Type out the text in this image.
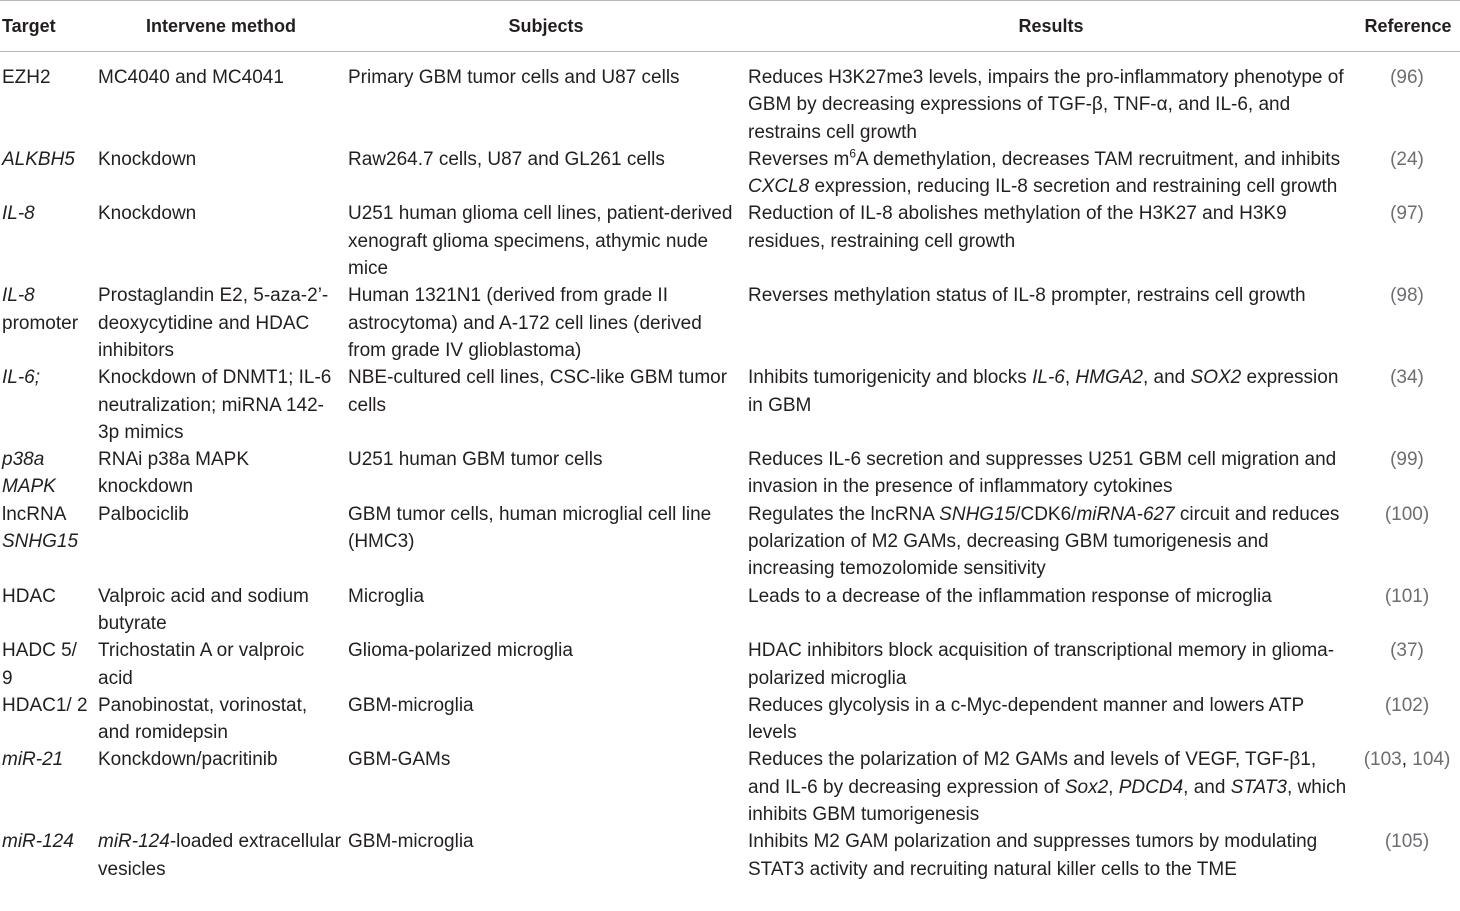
Target	Intervene method	Subjects	Results	Reference
EZH2	MC4040 and MC4041	Primary GBM tumor cells and U87 cells	Reduces H3K27me3 levels, impairs the pro-inflammatory phenotype of GBM by decreasing expressions of TGF-β, TNF-α, and IL-6, and restrains cell growth	(96)
ALKBH5	Knockdown	Raw264.7 cells, U87 and GL261 cells	Reverses $m^6A$ demethylation, decreases TAM recruitment, and inhibits CXCL8 expression, reducing IL-8 secretion and restraining cell growth	(24)
IL-8	Knockdown	U251 human glioma cell lines, patient-derived xenograft glioma specimens, athymic nude mice	Reduction of IL-8 abolishes methylation of the H3K27 and H3K9 residues, restraining cell growth	(97)
IL-8 promoter	Prostaglandin E2, 5-aza-2’-deoxycytidine and HDAC inhibitors	Human 1321N1 (derived from grade II astrocytoma) and A-172 cell lines (derived from grade IV glioblastoma)	Reverses methylation status of IL-8 prompter, restrains cell growth	(98)
IL-6;	Knockdown of DNMT1; IL-6 neutralization; miRNA 142-3p mimics	NBE-cultured cell lines, CSC-like GBM tumor cells	Inhibits tumorigenicity and blocks IL-6, HMGA2, and SOX2 expression in GBM	(34)
p38a MAPK	RNAi p38a MAPK knockdown	U251 human GBM tumor cells	Reduces IL-6 secretion and suppresses U251 GBM cell migration and invasion in the presence of inflammatory cytokines	(99)
lncRNA SNHG15	Palbociclib	GBM tumor cells, human microglial cell line (HMC3)	Regulates the lncRNA SNHG15/CDK6/miRNA-627 circuit and reduces polarization of M2 GAMs, decreasing GBM tumorigenesis and increasing temozolomide sensitivity	(100)
HDAC	Valproic acid and sodium butyrate	Microglia	Leads to a decrease of the inflammation response of microglia	(101)
HADC 5/ 9	Trichostatin A or valproic acid	Glioma-polarized microglia	HDAC inhibitors block acquisition of transcriptional memory in glioma-polarized microglia	(37)
HDAC1/ 2	Panobinostat, vorinostat, and romidepsin	GBM-microglia	Reduces glycolysis in a c-Myc-dependent manner and lowers ATP levels	(102)
miR-21	Konckdown/pacritinib	GBM-GAMs	Reduces the polarization of M2 GAMs and levels of VEGF, TGF-β1, and IL-6 by decreasing expression of Sox2, PDCD4, and STAT3, which inhibits GBM tumorigenesis	(103, 104)
miR-124	miR-124-loaded extracellular vesicles	GBM-microglia	Inhibits M2 GAM polarization and suppresses tumors by modulating STAT3 activity and recruiting natural killer cells to the TME	(105)
